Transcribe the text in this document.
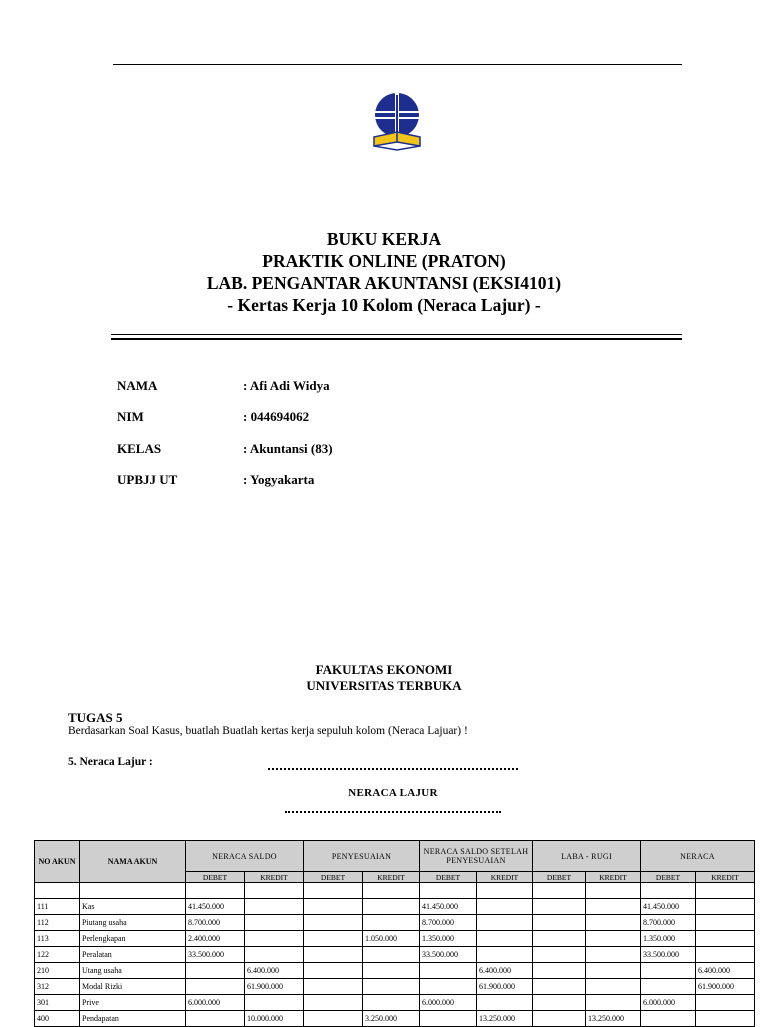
BUKU KERJA
PRAKTIK ONLINE (PRATON)
LAB. PENGANTAR AKUNTANSI (EKSI4101)
- Kertas Kerja 10 Kolom (Neraca Lajur) -
NAMA	: Afi Adi Widya
NIM	: 044694062
KELAS	: Akuntansi (83)
UPBJJ UT	: Yogyakarta
FAKULTAS EKONOMI
UNIVERSITAS TERBUKA
TUGAS 5
Berdasarkan Soal Kasus, buatlah Buatlah kertas kerja sepuluh kolom (Neraca Lajuar) !
5. Neraca Lajur :
NERACA LAJUR
NO AKUN	NAMA AKUN	NERACA SALDO		PENYESUAIAN		NERACA SALDO SETELAH PENYESUAIAN		LABA - RUGI		NERACA	
		DEBET	KREDIT	DEBET	KREDIT	DEBET	KREDIT	DEBET	KREDIT	DEBET	KREDIT

111	Kas	41.450.000				41.450.000				41.450.000	
112	Piutang usaha	8.700.000				8.700.000				8.700.000	
113	Perlengkapan	2.400.000			1.050.000	1.350.000				1.350.000	
122	Peralatan	33.500.000				33.500.000				33.500.000	
210	Utang usaha		6.400.000				6.400.000				6.400.000
312	Modal Rizki		61.900.000				61.900.000				61.900.000
301	Prive	6.000.000				6.000.000				6.000.000	
400	Pendapatan		10.000.000		3.250.000		13.250.000		13.250.000		
